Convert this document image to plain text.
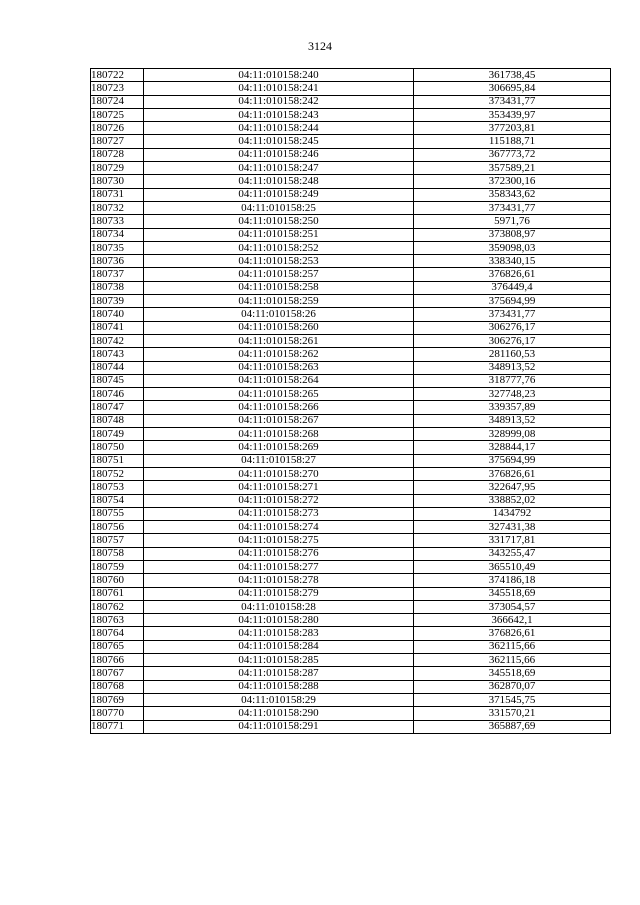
3124
180722	04:11:010158:240	361738,45
180723	04:11:010158:241	306695,84
180724	04:11:010158:242	373431,77
180725	04:11:010158:243	353439,97
180726	04:11:010158:244	377203,81
180727	04:11:010158:245	115188,71
180728	04:11:010158:246	367773,72
180729	04:11:010158:247	357589,21
180730	04:11:010158:248	372300,16
180731	04:11:010158:249	358343,62
180732	04:11:010158:25	373431,77
180733	04:11:010158:250	5971,76
180734	04:11:010158:251	373808,97
180735	04:11:010158:252	359098,03
180736	04:11:010158:253	338340,15
180737	04:11:010158:257	376826,61
180738	04:11:010158:258	376449,4
180739	04:11:010158:259	375694,99
180740	04:11:010158:26	373431,77
180741	04:11:010158:260	306276,17
180742	04:11:010158:261	306276,17
180743	04:11:010158:262	281160,53
180744	04:11:010158:263	348913,52
180745	04:11:010158:264	318777,76
180746	04:11:010158:265	327748,23
180747	04:11:010158:266	339357,89
180748	04:11:010158:267	348913,52
180749	04:11:010158:268	328999,08
180750	04:11:010158:269	328844,17
180751	04:11:010158:27	375694,99
180752	04:11:010158:270	376826,61
180753	04:11:010158:271	322647,95
180754	04:11:010158:272	338852,02
180755	04:11:010158:273	1434792
180756	04:11:010158:274	327431,38
180757	04:11:010158:275	331717,81
180758	04:11:010158:276	343255,47
180759	04:11:010158:277	365510,49
180760	04:11:010158:278	374186,18
180761	04:11:010158:279	345518,69
180762	04:11:010158:28	373054,57
180763	04:11:010158:280	366642,1
180764	04:11:010158:283	376826,61
180765	04:11:010158:284	362115,66
180766	04:11:010158:285	362115,66
180767	04:11:010158:287	345518,69
180768	04:11:010158:288	362870,07
180769	04:11:010158:29	371545,75
180770	04:11:010158:290	331570,21
180771	04:11:010158:291	365887,69
